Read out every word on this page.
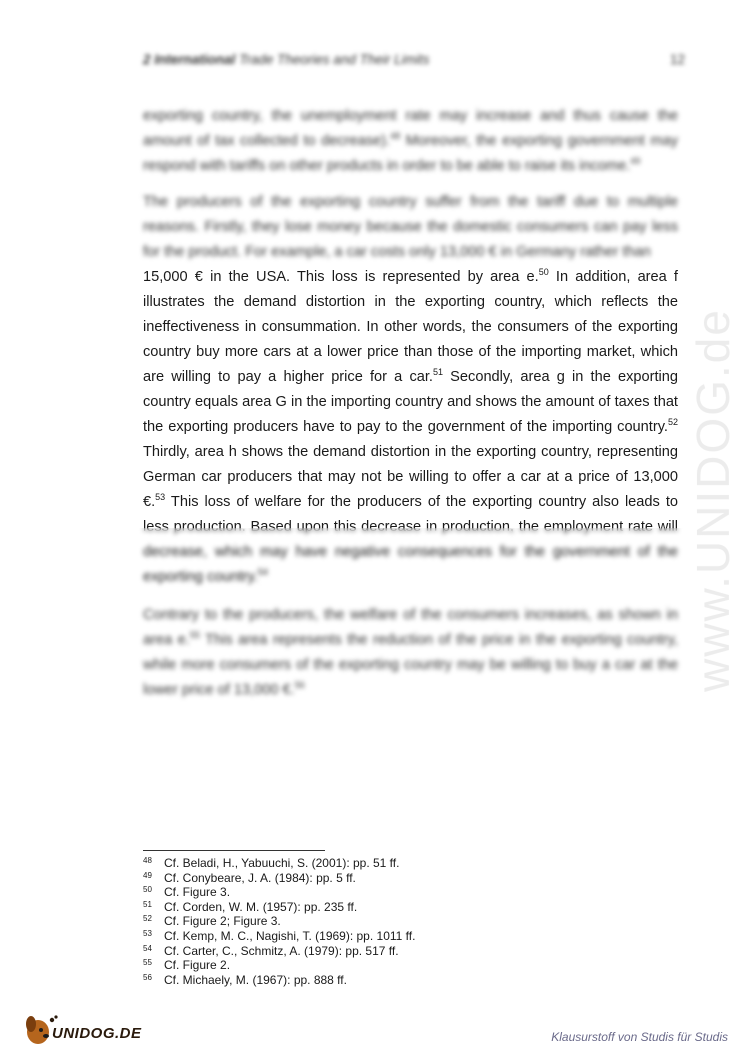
2 International Trade Theories and Their Limits	12

exporting country, the unemployment rate may increase and thus cause the amount of tax collected to decrease).$^{48}$ Moreover, the exporting government may respond with tariffs on other products in order to be able to raise its income.$^{49}$

The producers of the exporting country suffer from the tariff due to multiple reasons. Firstly, they lose money because the domestic consumers can pay less for the product. For example, a car costs only 13,000 € in Germany rather than

15,000 € in the USA. This loss is represented by area e.$^{50}$ In addition, area f illustrates the demand distortion in the exporting country, which reflects the ineffectiveness in consummation. In other words, the consumers of the exporting country buy more cars at a lower price than those of the importing market, which are willing to pay a higher price for a car.$^{51}$ Secondly, area g in the exporting country equals area G in the importing country and shows the amount of taxes that the exporting producers have to pay to the government of the importing country.$^{52}$ Thirdly, area h shows the demand distortion in the exporting country, representing German car producers that may not be willing to offer a car at a price of 13,000 €.$^{53}$ This loss of welfare for the producers of the exporting country also leads to less production. Based upon this decrease in production, the employment rate will decrease, which may have negative consequences for the government of the exporting country.$^{54}$

Contrary to the producers, the welfare of the consumers increases, as shown in area e.$^{55}$ This area represents the reduction of the price in the exporting country, while more consumers of the exporting country may be willing to buy a car at the lower price of 13,000 €.$^{56}$	www.UNIDOG.de
48 Cf. Beladi, H., Yabuuchi, S. (2001): pp. 51 ff.
49 Cf. Conybeare, J. A. (1984): pp. 5 ff.
50 Cf. Figure 3.
51 Cf. Corden, W. M. (1957): pp. 235 ff.
52 Cf. Figure 2; Figure 3.
53 Cf. Kemp, M. C., Nagishi, T. (1969): pp. 1011 ff.
54 Cf. Carter, C., Schmitz, A. (1979): pp. 517 ff.
55 Cf. Figure 2.
56 Cf. Michaely, M. (1967): pp. 888 ff.
UNIDOG.DE	Klausurstoff von Studis für Studis
